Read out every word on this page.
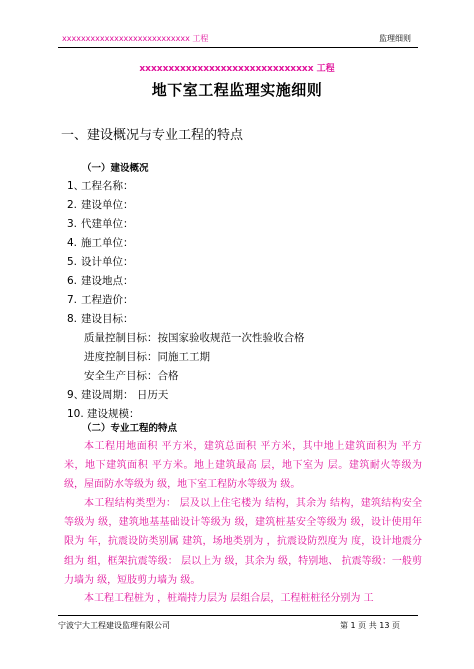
xxxxxxxxxxxxxxxxxxxxxxxxxxx 工程	监理细则
xxxxxxxxxxxxxxxxxxxxxxxxxxxxxx 工程
地下室工程监理实施细则
一、建设概况与专业工程的特点
（一）建设概况
1、工程名称：
2. 建设单位：
3. 代建单位：
4. 施工单位：
5. 设计单位：
6. 建设地点：
7. 工程造价：
8. 建设目标：
质量控制目标：按国家验收规范一次性验收合格
进度控制目标：同施工工期
安全生产目标：合格
9、建设周期： 日历天
10. 建设规模：
（二）专业工程的特点
本工程用地面积 平方米，建筑总面积 平方米，其中地上建筑面积为 平方米，地下建筑面积 平方米。地上建筑最高 层，地下室为 层。建筑耐火等级为 级，屋面防水等级为 级，地下室工程防水等级为 级。
本工程结构类型为： 层及以上住宅楼为 结构，其余为 结构，建筑结构安全等级为 级，建筑地基基础设计等级为 级，建筑桩基安全等级为 级，设计使用年限为 年，抗震设防类别属 建筑，场地类别为 ，抗震设防烈度为 度，设计地震分组为 组，框架抗震等级： 层以上为 级，其余为 级，特别地、 抗震等级：一般剪力墙为 级，短肢剪力墙为 级。
本工程工程桩为 ，桩端持力层为 层组合层，工程桩桩径分别为 工
宁波宁大工程建设监理有限公司	第 1 页 共 13 页
